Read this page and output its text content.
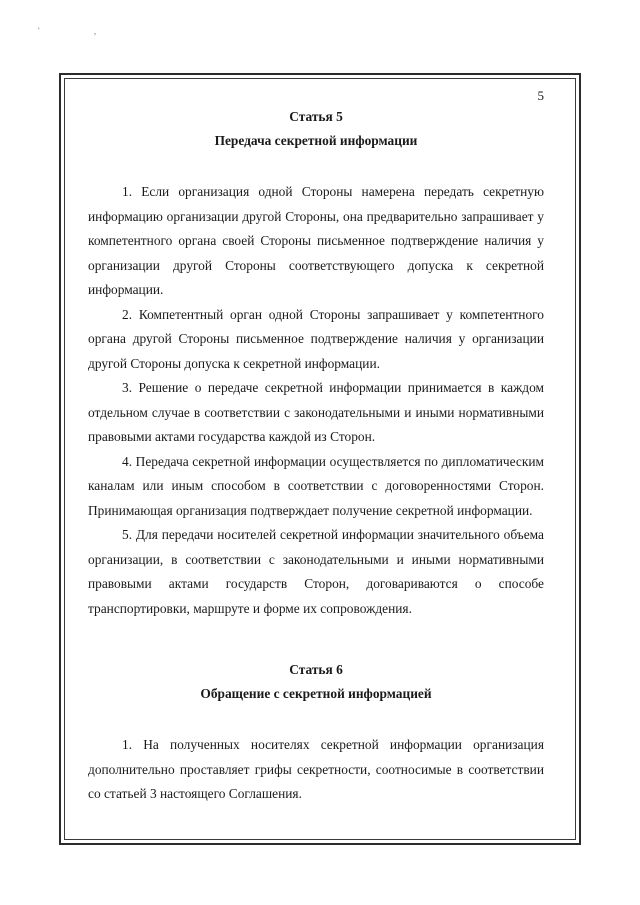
' ,
5

Статья 5

Передача секретной информации

1. Если организация одной Стороны намерена передать секретную информацию организации другой Стороны, она предварительно запрашивает у компетентного органа своей Стороны письменное подтверждение наличия у организации другой Стороны соответствующего допуска к секретной информации.

2. Компетентный орган одной Стороны запрашивает у компетентного органа другой Стороны письменное подтверждение наличия у организации другой Стороны допуска к секретной информации.

3. Решение о передаче секретной информации принимается в каждом отдельном случае в соответствии с законодательными и иными нормативными правовыми актами государства каждой из Сторон.

4. Передача секретной информации осуществляется по дипломатическим каналам или иным способом в соответствии с договоренностями Сторон. Принимающая организация подтверждает получение секретной информации.

5. Для передачи носителей секретной информации значительного объема организации, в соответствии с законодательными и иными нормативными правовыми актами государств Сторон, договариваются о способе транспортировки, маршруте и форме их сопровождения.

Статья 6

Обращение с секретной информацией

1. На полученных носителях секретной информации организация дополнительно проставляет грифы секретности, соотносимые в соответствии со статьей 3 настоящего Соглашения.
